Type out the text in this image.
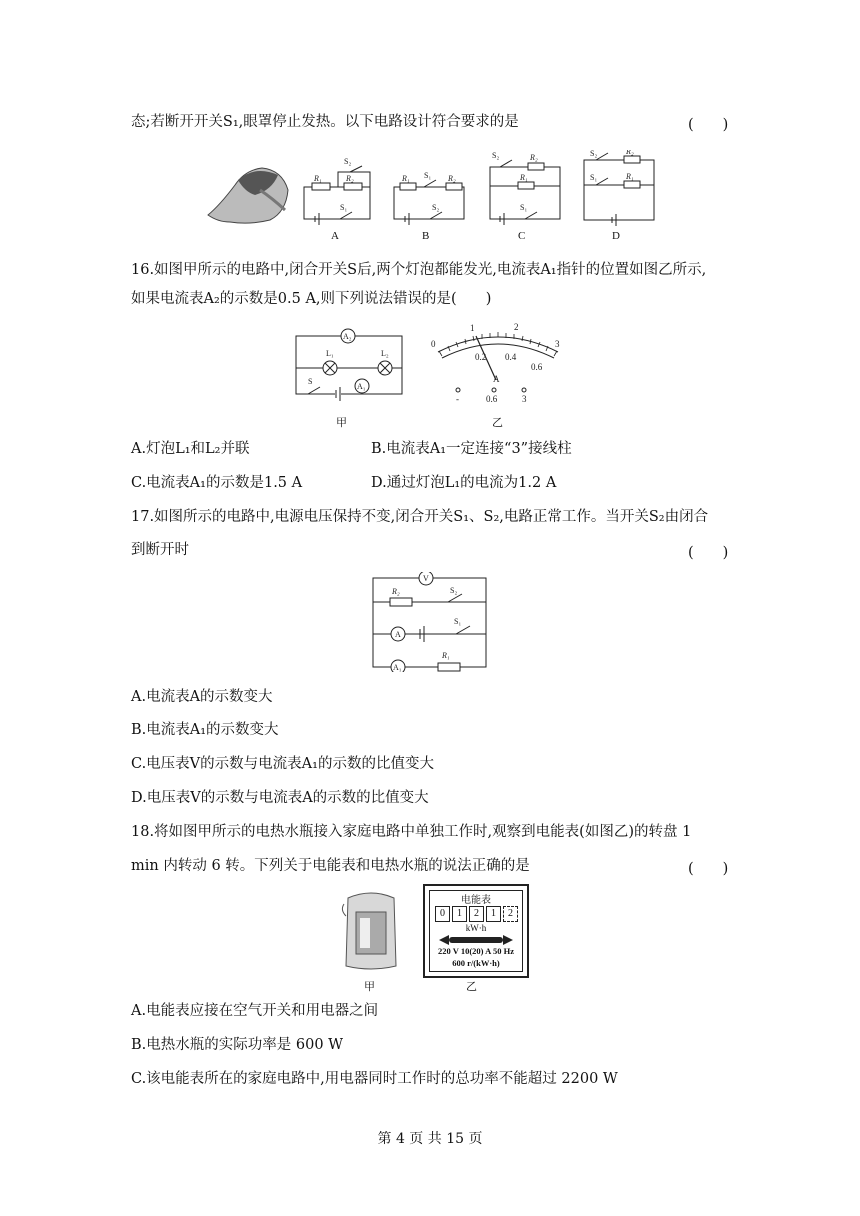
态;若断开开关S₁,眼罩停止发热。以下电路设计符合要求的是	(　　)
R₁	R₂
S₂
S₁
R₁ S₁ R₂
S₂
S₂	R₂
R₁
S₁
S₂	R₂
S₁	R₁
A	B	C	D
16.如图甲所示的电路中,闭合开关S后,两个灯泡都能发光,电流表A₁指针的位置如图乙所示,
如果电流表A₂的示数是0.5 A,则下列说法错误的是(　　)
A₂
A₁
L₁	L₂
S
甲
0
1	2
3
0.2 0.4
0.6
A
-	0.6	3
乙
A.灯泡L₁和L₂并联	B.电流表A₁一定连接“3”接线柱
C.电流表A₁的示数是1.5 A	D.通过灯泡L₁的电流为1.2 A
17.如图所示的电路中,电源电压保持不变,闭合开关S₁、S₂,电路正常工作。当开关S₂由闭合
到断开时	(　　)
V
R₂	S₂
A
S₁
A₁
R₁
A.电流表A的示数变大
B.电流表A₁的示数变大
C.电压表V的示数与电流表A₁的示数的比值变大
D.电压表V的示数与电流表A的示数的比值变大
18.将如图甲所示的电热水瓶接入家庭电路中单独工作时,观察到电能表(如图乙)的转盘 1
min 内转动 6 转。下列关于电能表和电热水瓶的说法正确的是	(　　)
甲
电能表
0	1	2	1	2
kW·h
220 V 10(20) A 50 Hz
600 r/(kW·h)
乙
A.电能表应接在空气开关和用电器之间
B.电热水瓶的实际功率是 600 W
C.该电能表所在的家庭电路中,用电器同时工作时的总功率不能超过 2200 W
第 4 页 共 15 页
